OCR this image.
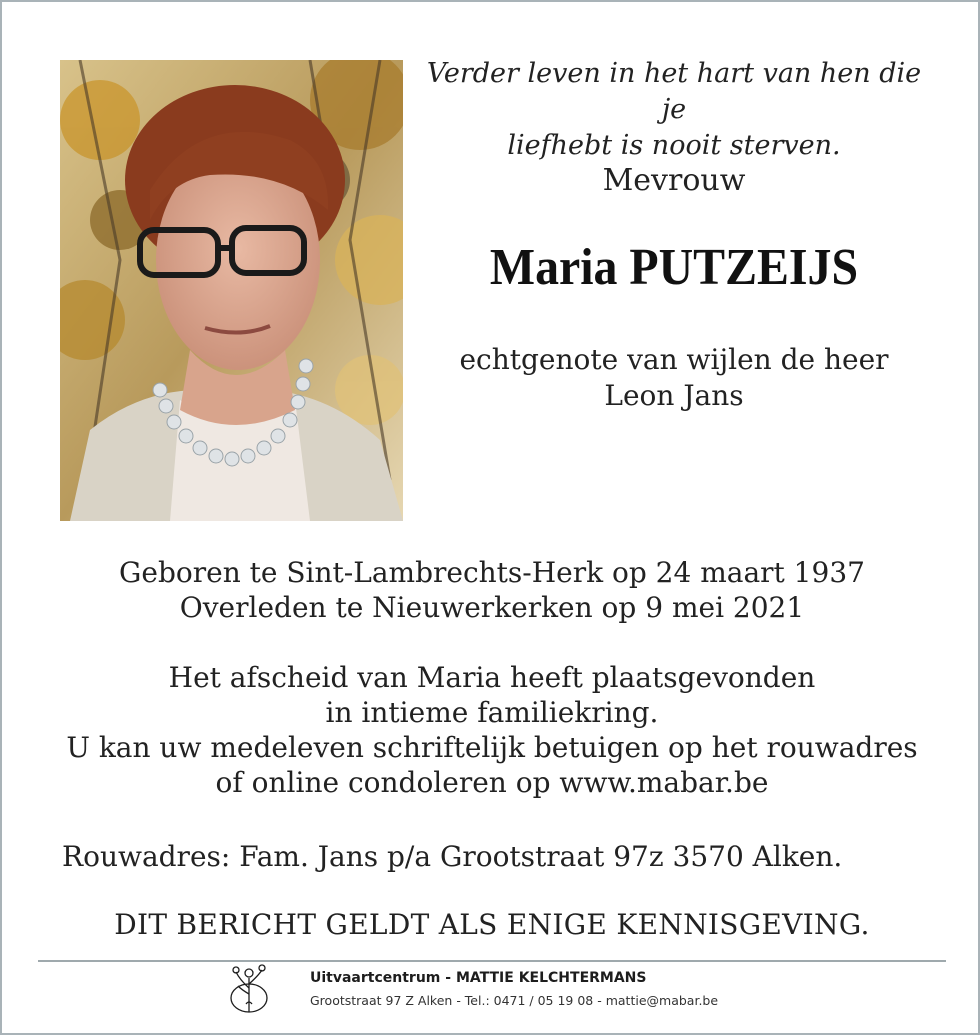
Verder leven in het hart van hen die je
liefhebt is nooit sterven.
Mevrouw
Maria PUTZEIJS
echtgenote van wijlen de heer
Leon Jans
Geboren te Sint-Lambrechts-Herk op 24 maart 1937
Overleden te Nieuwerkerken op 9 mei 2021
Het afscheid van Maria heeft plaatsgevonden
in intieme familiekring.
U kan uw medeleven schriftelijk betuigen op het rouwadres
of online condoleren op www.mabar.be
Rouwadres: Fam. Jans p/a Grootstraat 97z 3570 Alken.
DIT BERICHT GELDT ALS ENIGE KENNISGEVING.
Uitvaartcentrum - MATTIE KELCHTERMANS
Grootstraat 97 Z Alken - Tel.: 0471 / 05 19 08 - mattie@mabar.be
